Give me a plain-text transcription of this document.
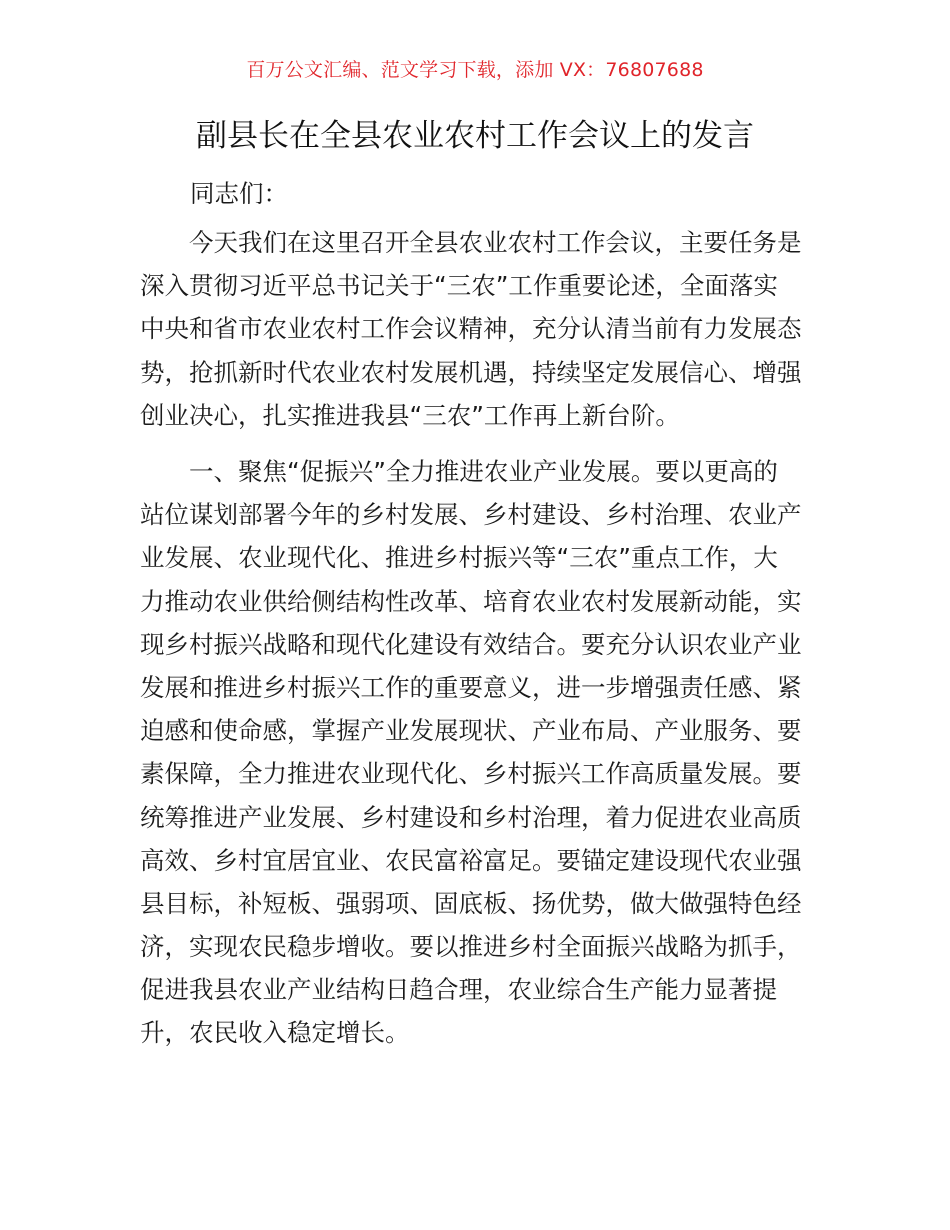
百万公文汇编、范文学习下载，添加 VX：76807688
副县长在全县农业农村工作会议上的发言
同志们：
今天我们在这里召开全县农业农村工作会议，主要任务是
深入贯彻习近平总书记关于“三农”工作重要论述，全面落实
中央和省市农业农村工作会议精神，充分认清当前有力发展态
势，抢抓新时代农业农村发展机遇，持续坚定发展信心、增强
创业决心，扎实推进我县“三农”工作再上新台阶。
一、聚焦“促振兴”全力推进农业产业发展。要以更高的
站位谋划部署今年的乡村发展、乡村建设、乡村治理、农业产
业发展、农业现代化、推进乡村振兴等“三农”重点工作，大
力推动农业供给侧结构性改革、培育农业农村发展新动能，实
现乡村振兴战略和现代化建设有效结合。要充分认识农业产业
发展和推进乡村振兴工作的重要意义，进一步增强责任感、紧
迫感和使命感，掌握产业发展现状、产业布局、产业服务、要
素保障，全力推进农业现代化、乡村振兴工作高质量发展。要
统筹推进产业发展、乡村建设和乡村治理，着力促进农业高质
高效、乡村宜居宜业、农民富裕富足。要锚定建设现代农业强
县目标，补短板、强弱项、固底板、扬优势，做大做强特色经
济，实现农民稳步增收。要以推进乡村全面振兴战略为抓手，
促进我县农业产业结构日趋合理，农业综合生产能力显著提
升，农民收入稳定增长。
